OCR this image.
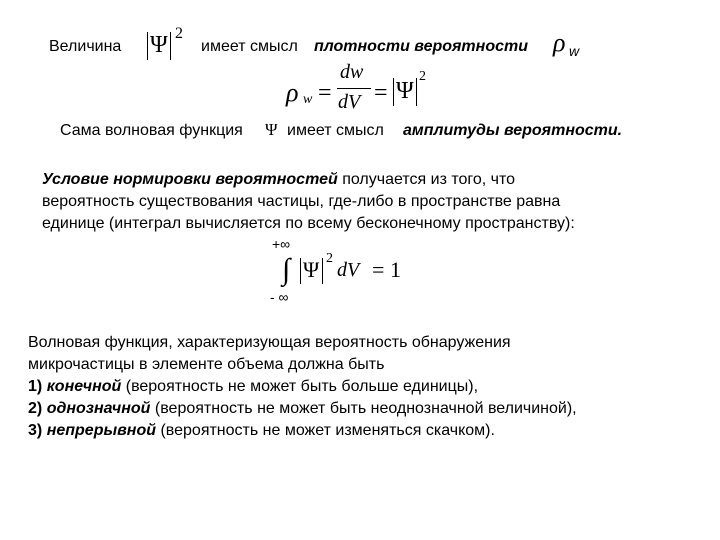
Величина Ψ 2
имеет смысл плотности вероятности ρ w
ρ w =
dw
dV = Ψ
2
Сама волновая функция Ψ имеет смысл амплитуды вероятности.
Условие нормировки вероятностей получается из того, что
вероятность существования частицы, где-либо в пространстве равна
единице (интеграл вычисляется по всему бесконечному пространству):
+∞
∫
- ∞
Ψ 2
dV = 1
Волновая функция, характеризующая вероятность обнаружения
микрочастицы в элементе объема должна быть
1) конечной (вероятность не может быть больше единицы),
2) однозначной (вероятность не может быть неоднозначной величиной),
3) непрерывной (вероятность не может изменяться скачком).
